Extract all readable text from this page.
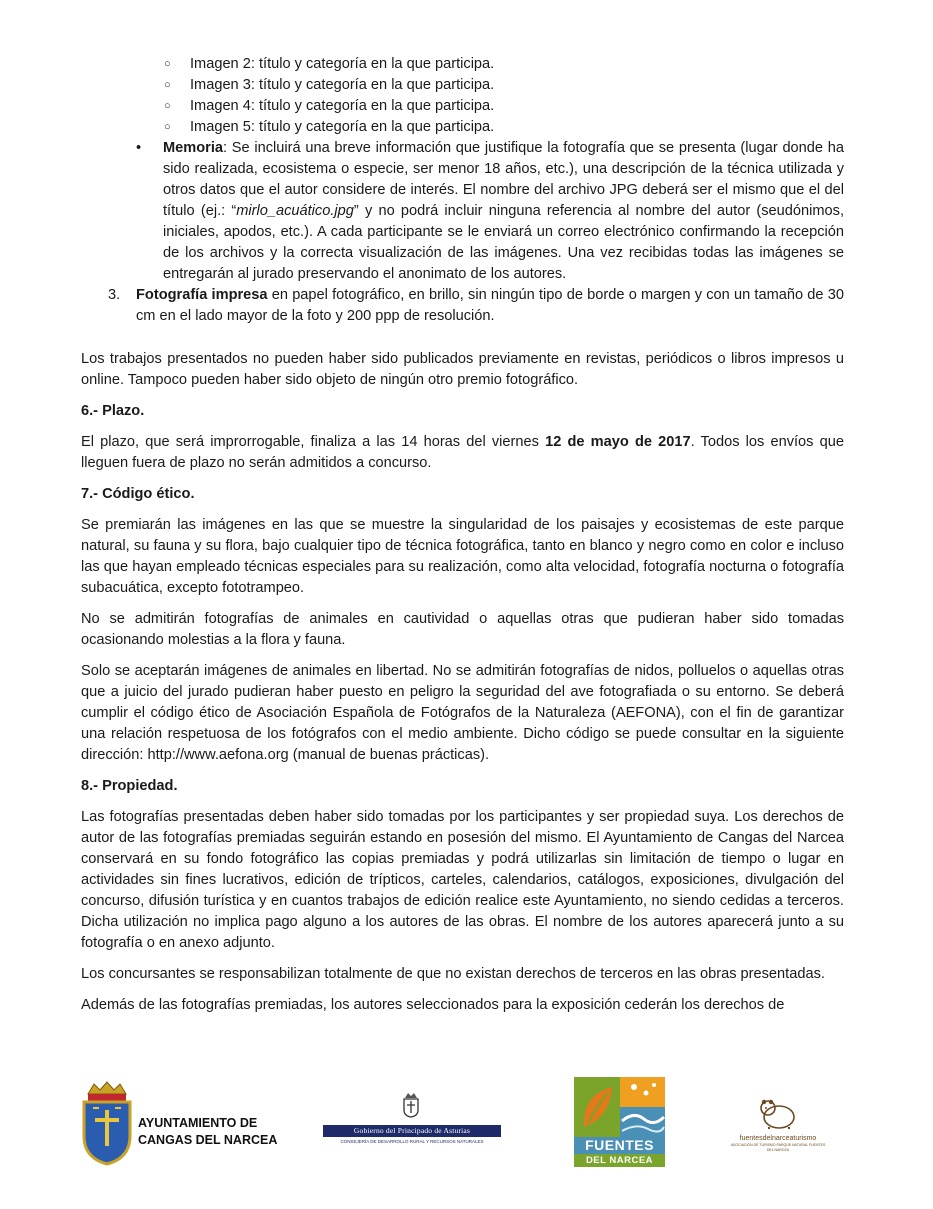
○ Imagen 2: título y categoría en la que participa.
○ Imagen 3: título y categoría en la que participa.
○ Imagen 4: título y categoría en la que participa.
○ Imagen 5: título y categoría en la que participa.

• Memoria: Se incluirá una breve información que justifique la fotografía que se presenta (lugar donde ha sido realizada, ecosistema o especie, ser menor 18 años, etc.), una descripción de la técnica utilizada y otros datos que el autor considere de interés. El nombre del archivo JPG deberá ser el mismo que el del título (ej.: “mirlo_acuático.jpg” y no podrá incluir ninguna referencia al nombre del autor (seudónimos, iniciales, apodos, etc.). A cada participante se le enviará un correo electrónico confirmando la recepción de los archivos y la correcta visualización de las imágenes. Una vez recibidas todas las imágenes se entregarán al jurado preservando el anonimato de los autores.

3. Fotografía impresa en papel fotográfico, en brillo, sin ningún tipo de borde o margen y con un tamaño de 30 cm en el lado mayor de la foto y 200 ppp de resolución.

Los trabajos presentados no pueden haber sido publicados previamente en revistas, periódicos o libros impresos u online. Tampoco pueden haber sido objeto de ningún otro premio fotográfico.

6.- Plazo.

El plazo, que será improrrogable, finaliza a las 14 horas del viernes 12 de mayo de 2017. Todos los envíos que lleguen fuera de plazo no serán admitidos a concurso.

7.- Código ético.

Se premiarán las imágenes en las que se muestre la singularidad de los paisajes y ecosistemas de este parque natural, su fauna y su flora, bajo cualquier tipo de técnica fotográfica, tanto en blanco y negro como en color e incluso las que hayan empleado técnicas especiales para su realización, como alta velocidad, fotografía nocturna o fotografía subacuática, excepto fototrampeo.

No se admitirán fotografías de animales en cautividad o aquellas otras que pudieran haber sido tomadas ocasionando molestias a la flora y fauna.

Solo se aceptarán imágenes de animales en libertad. No se admitirán fotografías de nidos, polluelos o aquellas otras que a juicio del jurado pudieran haber puesto en peligro la seguridad del ave fotografiada o su entorno. Se deberá cumplir el código ético de Asociación Española de Fotógrafos de la Naturaleza (AEFONA), con el fin de garantizar una relación respetuosa de los fotógrafos con el medio ambiente. Dicho código se puede consultar en la siguiente dirección: http://www.aefona.org (manual de buenas prácticas).

8.- Propiedad.

Las fotografías presentadas deben haber sido tomadas por los participantes y ser propiedad suya. Los derechos de autor de las fotografías premiadas seguirán estando en posesión del mismo. El Ayuntamiento de Cangas del Narcea conservará en su fondo fotográfico las copias premiadas y podrá utilizarlas sin limitación de tiempo o lugar en actividades sin fines lucrativos, edición de trípticos, carteles, calendarios, catálogos, exposiciones, divulgación del concurso, difusión turística y en cuantos trabajos de edición realice este Ayuntamiento, no siendo cedidas a terceros. Dicha utilización no implica pago alguno a los autores de las obras. El nombre de los autores aparecerá junto a su fotografía o en anexo adjunto.

Los concursantes se responsabilizan totalmente de que no existan derechos de terceros en las obras presentadas.

Además de las fotografías premiadas, los autores seleccionados para la exposición cederán los derechos de

AYUNTAMIENTO DE
CANGAS DEL NARCEA
Gobierno del Principado de Asturias
CONSEJERÍA DE DESARROLLO RURAL Y RECURSOS NATURALES	FUENTES
DEL NARCEA
fuentesdelnarceaturismo
ASOCIACIÓN DE TURISMO PARQUE NATURAL FUENTES DEL NARCEA
